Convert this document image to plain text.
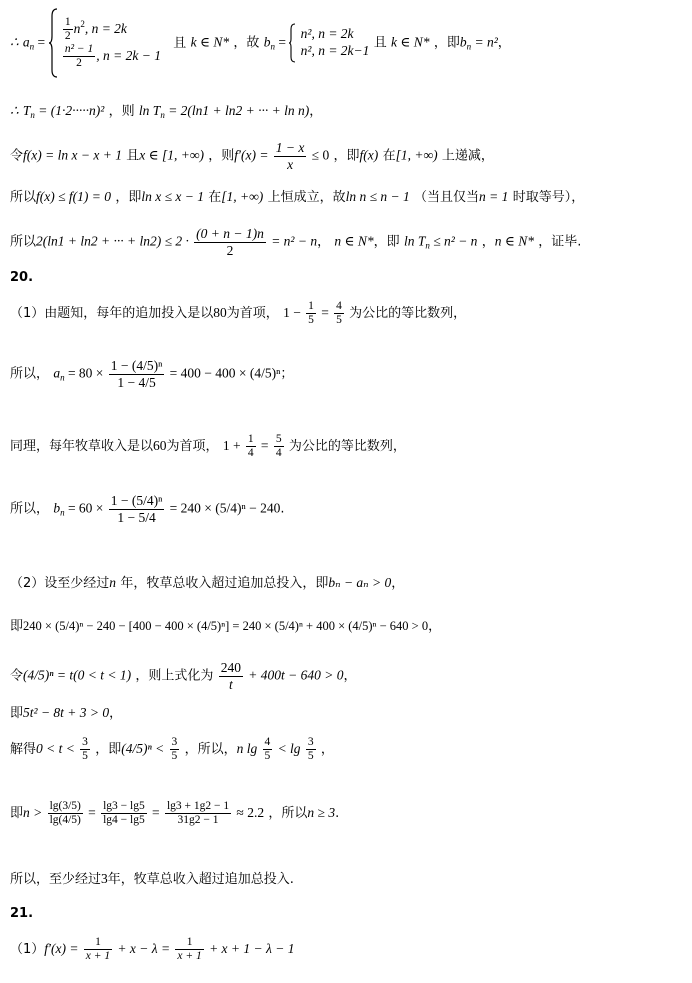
∴ $a_n = \frac{1}{2} n^2$, n = 2k
$\frac{\text{n² − 1}}{2}$ , n = 2k − 1
且 k ∈ N* ，故 $b_n$ =
n², n = 2k
n², n = 2k−1 且 k ∈ N* ，即$b_n = n^2$，
∴ $T_n = (1\cdot 2\cdot\cdot\cdot\cdot\cdot n)^2$ ，则 $\ln T_n = 2(\ln 1 + \ln 2$ + ··· + ln n)，
令f(x) = ln x − x + 1 且x ∈ [1, +∞) ，则$f'(x) = \frac{1 - x}{x} \le 0$ ，即f(x) 在[1, +∞) 上递减，
所以f(x) ≤ f(1) = 0 ，即ln x ≤ x − 1 在[1, +∞) 上恒成立，故ln n ≤ n − 1 （当且仅当n = 1 时取等号），
所以2(ln1 + ln2 + ··· + $\ln 2) \le 2 \cdot \frac{(0 + n - 1)n}{2} = n^2 - n$， n ∈ N*，即 $\ln T_n \le n^2 - n$ ，n ∈ N* ，证毕.
20.
（1）由题知，每年的追加投入是以80为首项， $1 - \frac{1}{5} = \frac{4}{5}$ 为公比的等比数列，
所以， $a_n = 80 \times \frac{\text{1 − (4/5)ⁿ}}{1 - 4/5} = 400 - 400 \times (4/5)^n$；
同理，每年牧草收入是以60为首项， $1 + \frac{1}{4} = \frac{5}{4}$ 为公比的等比数列，
所以， $b_n = 60 \times \frac{\text{1 − (5/4)ⁿ}}{1 - 5/4} = 240 \times (5/4)^n - 240$.
（2）设至少经过n 年，牧草总收入超过追加总投入，即bₙ − aₙ > 0，
即240 × (5/4)ⁿ − 240 − [400 − 400 × (4/5)ⁿ] = 240 × (5/4)ⁿ + 400 × (4/5)ⁿ − 640 > 0，
令(4/5)ⁿ = t(0 < t < 1) ，则上式化为 $\frac{240}{t} + 400t - 640 > 0$，
即5t² − 8t + 3 > 0，
解得$0 < t < \frac{3}{5}$ ，即$(4/5)^n < \frac{3}{5}$ ，所以，n $\lg \frac{4}{5} < \lg \frac{3}{5}$ ，
即$n > \frac{\lg(3/5)}{\lg(4/5)} = \frac{\lg 3 - \lg 5}{\lg 4 - \lg 5} = \frac{\lg 3 + 1g2 - 1}{31g2 - 1} \approx 2.2$ ，所以n ≥ 3.
所以，至少经过3年，牧草总收入超过追加总投入.
21.
$(1)f'(x) = \frac{1}{x + 1} + x - \lambda = \frac{1}{x + 1} + x + 1 - \lambda - 1$
